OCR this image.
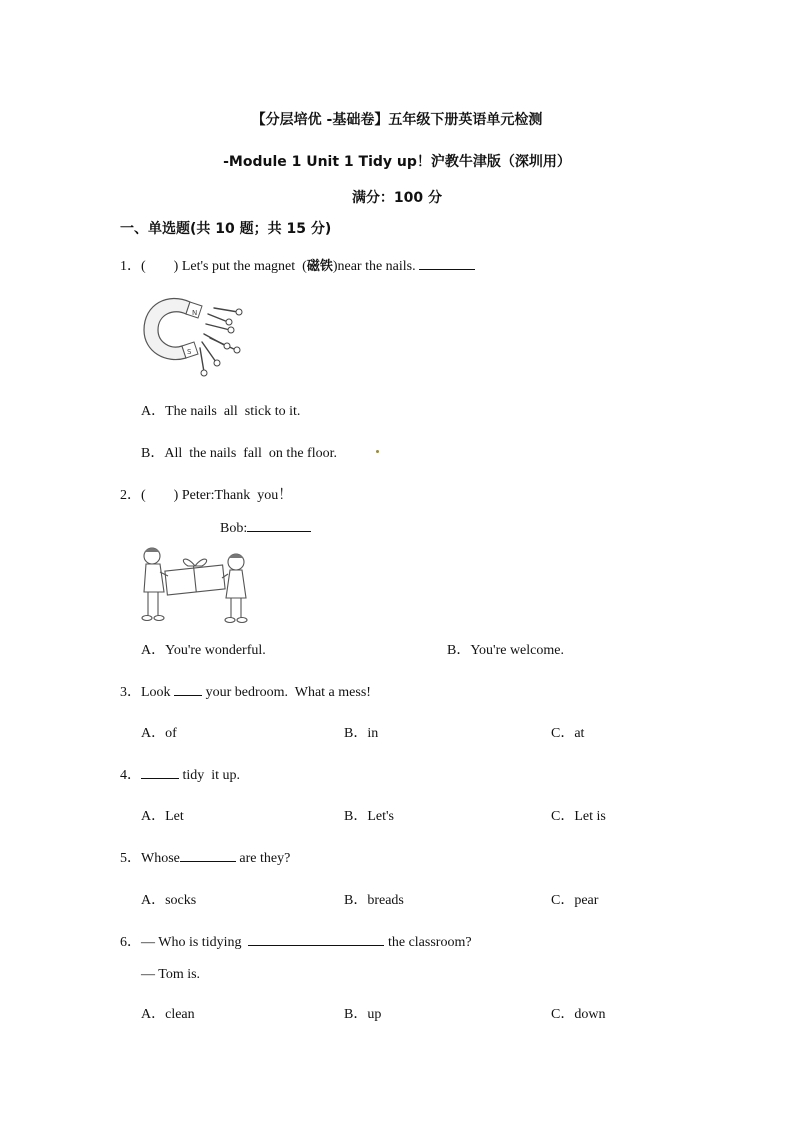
【分层培优 -基础卷】五年级下册英语单元检测
-Module 1 Unit 1 Tidy up！沪教牛津版（深圳用）
满分：100 分
一、单选题(共 10 题；共 15 分)
1．(　　) Let's put the magnet  (磁铁)near the nails.
N
S
A．The nails  all  stick to it.
B．All  the nails  fall  on the floor.
2．(　　) Peter:Thank  you！
Bob:
A．You're wonderful.	B．You're welcome.
3．Look  your bedroom.  What a mess!
A．of	B．in	C．at
4．	tidy  it up.
A．Let	B．Let's	C．Let is
5．Whose	are they?
A．socks	B．breads	C．pear
6．— Who is tidying	the classroom?
— Tom is.
A．clean	B．up	C．down
